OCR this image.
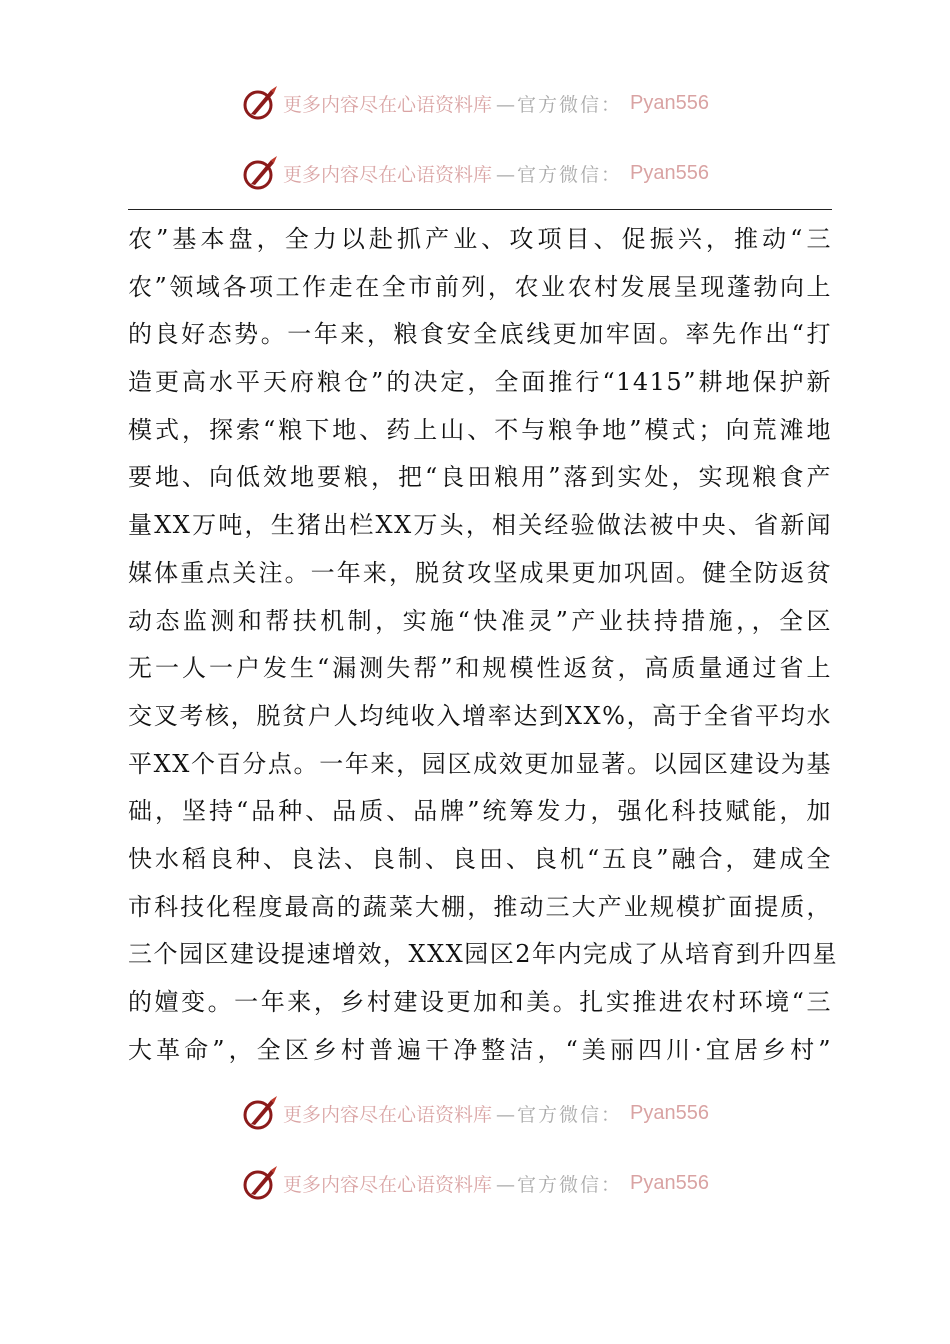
更多内容尽在心语资料库 —官方微信： Pyan556
更多内容尽在心语资料库 —官方微信： Pyan556
农”基本盘，全力以赴抓产业、攻项目、促振兴，推动“三
农”领域各项工作走在全市前列，农业农村发展呈现蓬勃向上
的良好态势。一年来，粮食安全底线更加牢固。率先作出“打
造更高水平天府粮仓”的决定，全面推行“1415”耕地保护新
模式，探索“粮下地、药上山、不与粮争地”模式；向荒滩地
要地、向低效地要粮，把“良田粮用”落到实处，实现粮食产
量XX万吨，生猪出栏XX万头，相关经验做法被中央、省新闻
媒体重点关注。一年来，脱贫攻坚成果更加巩固。健全防返贫
动态监测和帮扶机制，实施“快准灵”产业扶持措施，，全区
无一人一户发生“漏测失帮”和规模性返贫，高质量通过省上
交叉考核，脱贫户人均纯收入增率达到XX%，高于全省平均水
平XX个百分点。一年来，园区成效更加显著。以园区建设为基
础，坚持“品种、品质、品牌”统筹发力，强化科技赋能，加
快水稻良种、良法、良制、良田、良机“五良”融合，建成全
市科技化程度最高的蔬菜大棚，推动三大产业规模扩面提质，
三个园区建设提速增效，XXX园区2年内完成了从培育到升四星
的嬗变。一年来，乡村建设更加和美。扎实推进农村环境“三
大革命”，全区乡村普遍干净整洁，“美丽四川·宜居乡村”
更多内容尽在心语资料库 —官方微信： Pyan556
更多内容尽在心语资料库 —官方微信： Pyan556
